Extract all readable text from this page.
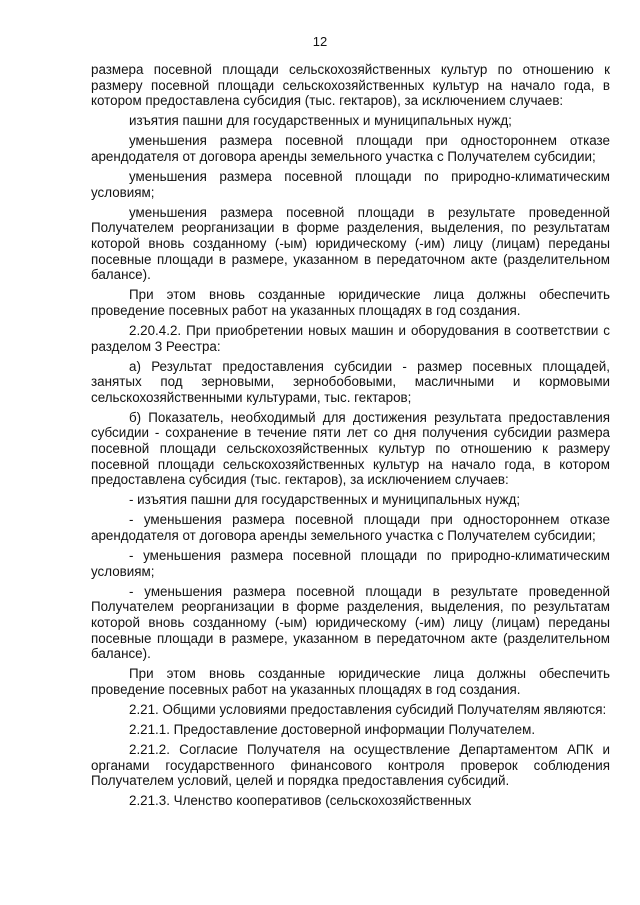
12

размера посевной площади сельскохозяйственных культур по отношению к размеру посевной площади сельскохозяйственных культур на начало года, в котором предоставлена субсидия (тыс. гектаров), за исключением случаев:

изъятия пашни для государственных и муниципальных нужд;

уменьшения размера посевной площади при одностороннем отказе арендодателя от договора аренды земельного участка с Получателем субсидии;

уменьшения размера посевной площади по природно-климатическим условиям;

уменьшения размера посевной площади в результате проведенной Получателем реорганизации в форме разделения, выделения, по результатам которой вновь созданному (-ым) юридическому (-им) лицу (лицам) переданы посевные площади в размере, указанном в передаточном акте (разделительном балансе).

При этом вновь созданные юридические лица должны обеспечить проведение посевных работ на указанных площадях в год создания.

2.20.4.2. При приобретении новых машин и оборудования в соответствии с разделом 3 Реестра:

а) Результат предоставления субсидии - размер посевных площадей, занятых под зерновыми, зернобобовыми, масличными и кормовыми сельскохозяйственными культурами, тыс. гектаров;

б) Показатель, необходимый для достижения результата предоставления субсидии - сохранение в течение пяти лет со дня получения субсидии размера посевной площади сельскохозяйственных культур по отношению к размеру посевной площади сельскохозяйственных культур на начало года, в котором предоставлена субсидия (тыс. гектаров), за исключением случаев:

- изъятия пашни для государственных и муниципальных нужд;

- уменьшения размера посевной площади при одностороннем отказе арендодателя от договора аренды земельного участка с Получателем субсидии;

- уменьшения размера посевной площади по природно-климатическим условиям;

- уменьшения размера посевной площади в результате проведенной Получателем реорганизации в форме разделения, выделения, по результатам которой вновь созданному (-ым) юридическому (-им) лицу (лицам) переданы посевные площади в размере, указанном в передаточном акте (разделительном балансе).

При этом вновь созданные юридические лица должны обеспечить проведение посевных работ на указанных площадях в год создания.

2.21. Общими условиями предоставления субсидий Получателям являются:

2.21.1. Предоставление достоверной информации Получателем.

2.21.2. Согласие Получателя на осуществление Департаментом АПК и органами государственного финансового контроля проверок соблюдения Получателем условий, целей и порядка предоставления субсидий.

2.21.3. Членство кооперативов (сельскохозяйственных
